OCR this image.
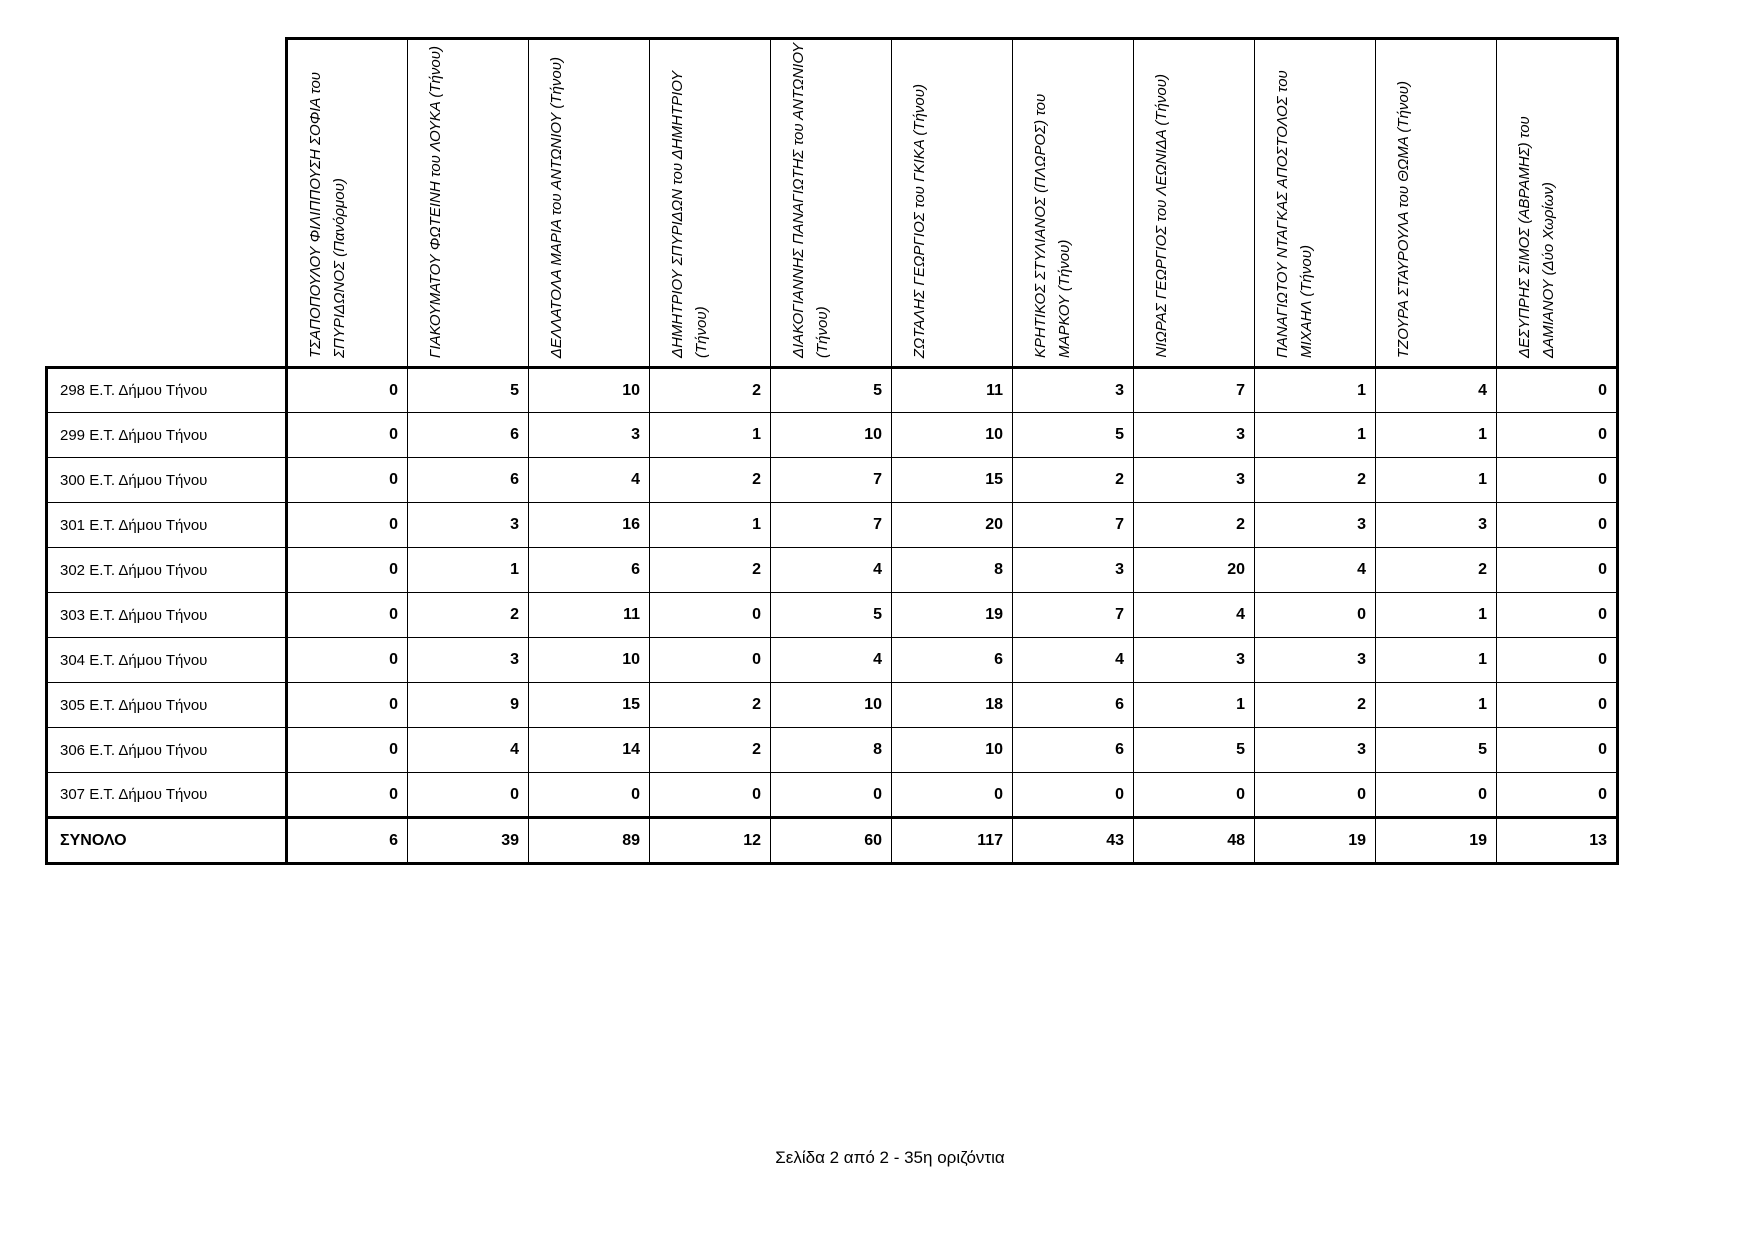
	ΤΣΑΠΟΠΟΥΛΟΥ ΦΙΛΙΠΠΟΥΣΗ ΣΟΦΙΑ του ΣΠΥΡΙΔΩΝΟΣ (Πανόρμου)	ΓΙΑΚΟΥΜΑΤΟΥ ΦΩΤΕΙΝΗ του ΛΟΥΚΑ (Τήνου)	ΔΕΛΛΑΤΟΛΑ ΜΑΡΙΑ του ΑΝΤΩΝΙΟΥ (Τήνου)	ΔΗΜΗΤΡΙΟΥ ΣΠΥΡΙΔΩΝ του ΔΗΜΗΤΡΙΟΥ (Τήνου)	ΔΙΑΚΟΓΙΑΝΝΗΣ ΠΑΝΑΓΙΩΤΗΣ του ΑΝΤΩΝΙΟΥ (Τήνου)	ΖΩΤΑΛΗΣ ΓΕΩΡΓΙΟΣ του ΓΚΙΚΑ (Τήνου)	ΚΡΗΤΙΚΟΣ ΣΤΥΛΙΑΝΟΣ (ΠΛΩΡΟΣ) του ΜΑΡΚΟΥ (Τήνου)	ΝΙΩΡΑΣ ΓΕΩΡΓΙΟΣ του ΛΕΩΝΙΔΑ (Τήνου)	ΠΑΝΑΓΙΩΤΟΥ ΝΤΑΓΚΑΣ ΑΠΟΣΤΟΛΟΣ του ΜΙΧΑΗΛ (Τήνου)	ΤΖΟΥΡΑ ΣΤΑΥΡΟΥΛΑ του ΘΩΜΑ (Τήνου)	ΔΕΣΥΠΡΗΣ ΣΙΜΟΣ (ΑΒΡΑΜΗΣ) του ΔΑΜΙΑΝΟΥ (Δύο Χωρίων)

298 Ε.Τ. Δήμου Τήνου	0	5	10	2	5	11	3	7	1	4	0
299 Ε.Τ. Δήμου Τήνου	0	6	3	1	10	10	5	3	1	1	0
300 Ε.Τ. Δήμου Τήνου	0	6	4	2	7	15	2	3	2	1	0
301 Ε.Τ. Δήμου Τήνου	0	3	16	1	7	20	7	2	3	3	0
302 Ε.Τ. Δήμου Τήνου	0	1	6	2	4	8	3	20	4	2	0
303 Ε.Τ. Δήμου Τήνου	0	2	11	0	5	19	7	4	0	1	0
304 Ε.Τ. Δήμου Τήνου	0	3	10	0	4	6	4	3	3	1	0
305 Ε.Τ. Δήμου Τήνου	0	9	15	2	10	18	6	1	2	1	0
306 Ε.Τ. Δήμου Τήνου	0	4	14	2	8	10	6	5	3	5	0
307 Ε.Τ. Δήμου Τήνου	0	0	0	0	0	0	0	0	0	0	0
ΣΥΝΟΛΟ	6	39	89	12	60	117	43	48	19	19	13
Σελίδα 2 από 2 - 35η οριζόντια
